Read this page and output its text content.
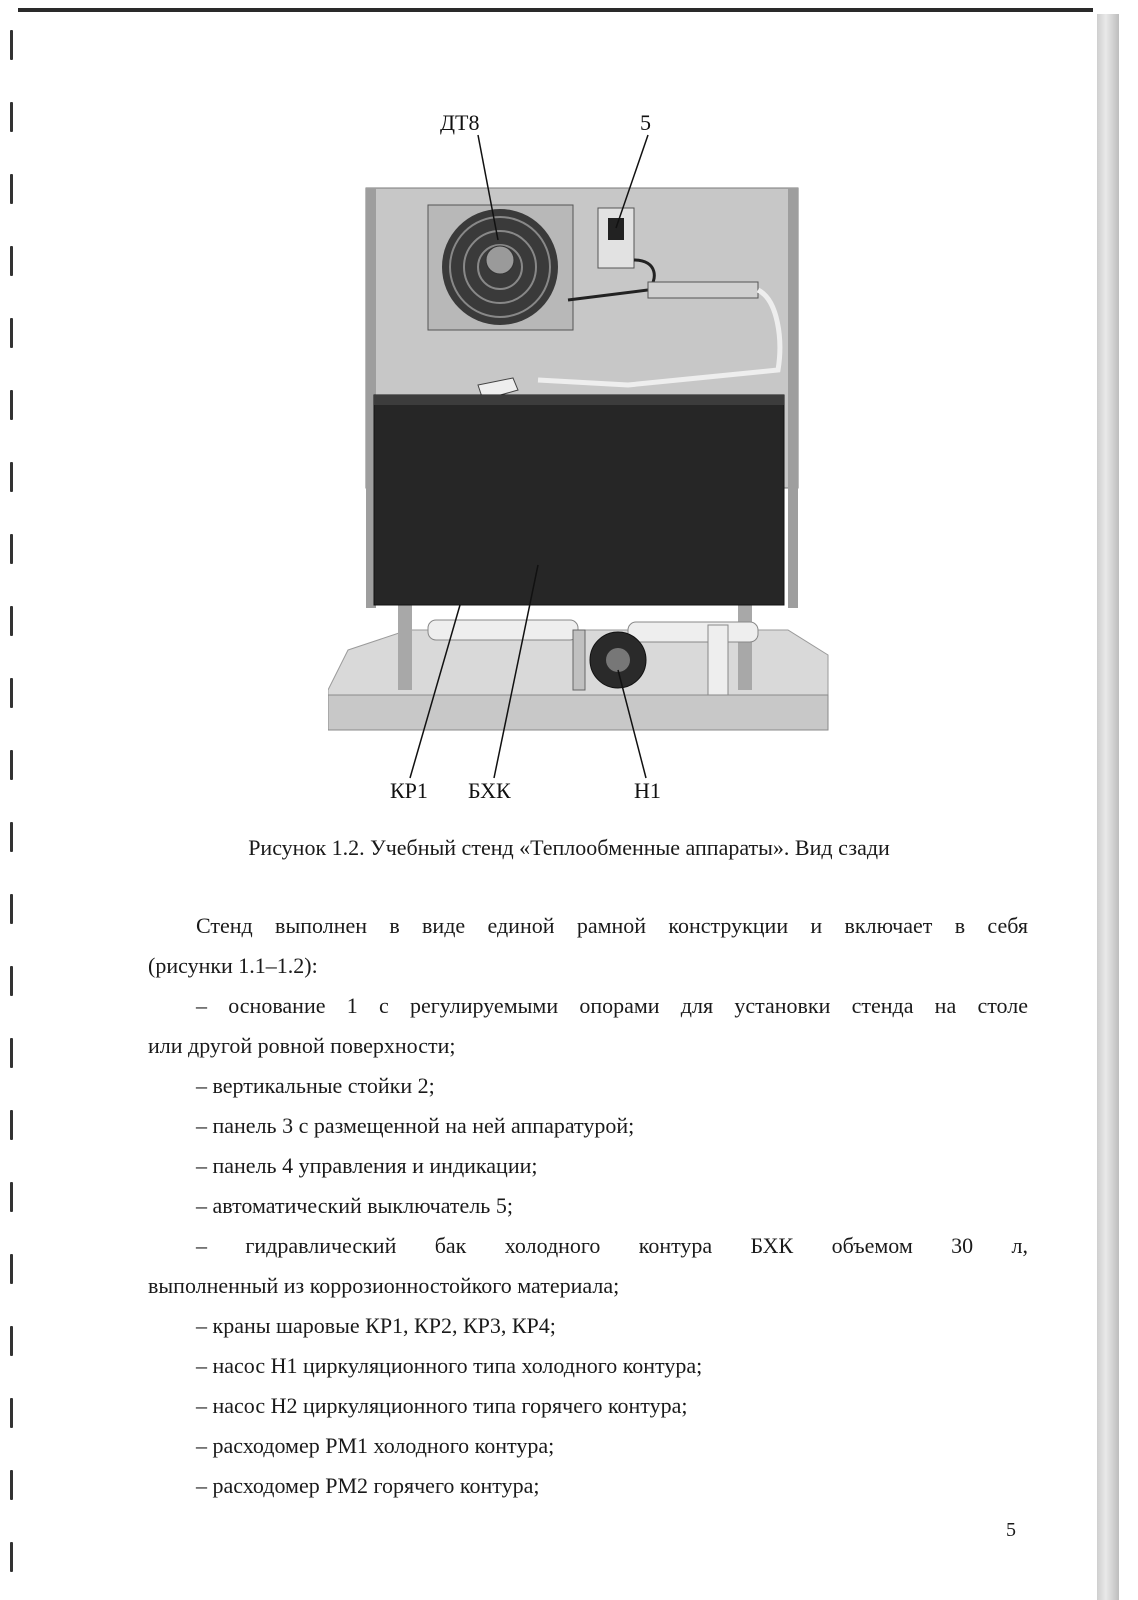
ДТ8	5
КР1 БХК	Н1
Рисунок 1.2. Учебный стенд «Теплообменные аппараты». Вид сзади

Стенд выполнен в виде единой рамной конструкции и включает в себя

(рисунки 1.1–1.2):

– основание 1 с регулируемыми опорами для установки стенда на столе

или другой ровной поверхности;

– вертикальные стойки 2;

– панель 3 с размещенной на ней аппаратурой;

– панель 4 управления и индикации;

– автоматический выключатель 5;

– гидравлический бак холодного контура БХК объемом 30 л,

выполненный из коррозионностойкого материала;

– краны шаровые КР1, КР2, КР3, КР4;

– насос Н1 циркуляционного типа холодного контура;

– насос Н2 циркуляционного типа горячего контура;

– расходомер РМ1 холодного контура;

– расходомер РМ2 горячего контура;

5
